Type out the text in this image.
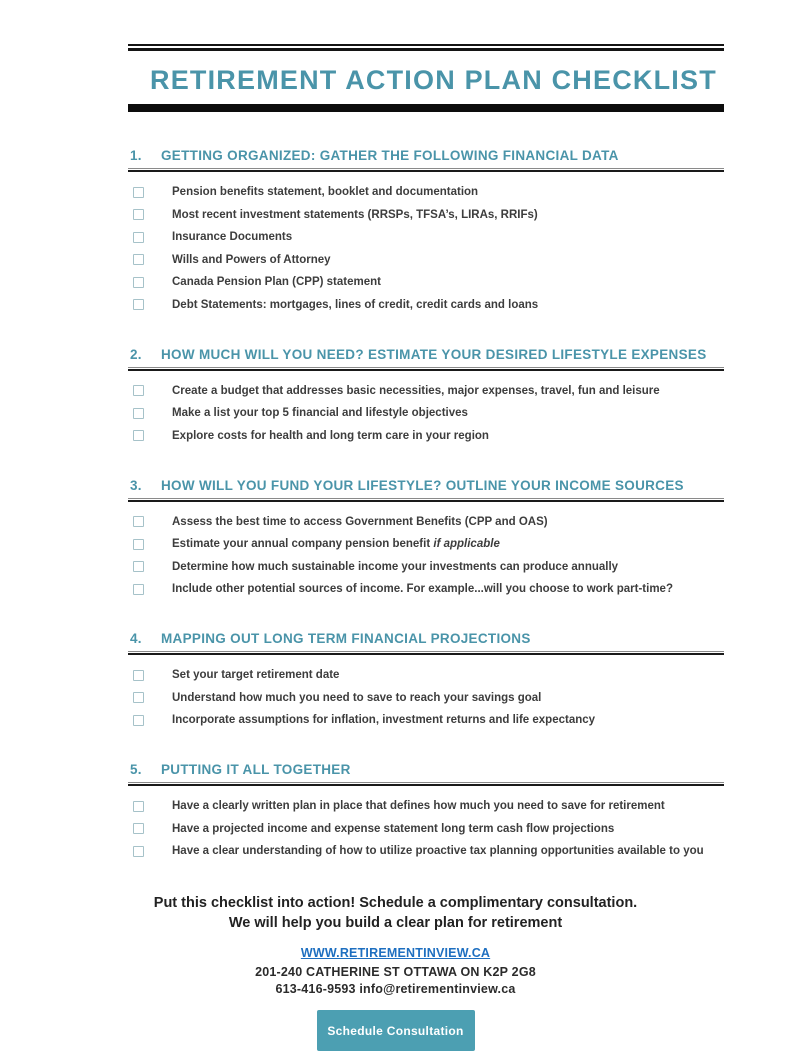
RETIREMENT ACTION PLAN CHECKLIST
1.	GETTING ORGANIZED: GATHER THE FOLLOWING FINANCIAL DATA
Pension benefits statement, booklet and documentation
Most recent investment statements (RRSPs, TFSA’s, LIRAs, RRIFs)
Insurance Documents
Wills and Powers of Attorney
Canada Pension Plan (CPP) statement
Debt Statements: mortgages, lines of credit, credit cards and loans
2.	HOW MUCH WILL YOU NEED? ESTIMATE YOUR DESIRED LIFESTYLE EXPENSES
Create a budget that addresses basic necessities, major expenses, travel, fun and leisure
Make a list your top 5 financial and lifestyle objectives
Explore costs for health and long term care in your region
3.	HOW WILL YOU FUND YOUR LIFESTYLE? OUTLINE YOUR INCOME SOURCES
Assess the best time to access Government Benefits (CPP and OAS)
Estimate your annual company pension benefit if applicable
Determine how much sustainable income your investments can produce annually
Include other potential sources of income. For example...will you choose to work part-time?
4.	MAPPING OUT LONG TERM FINANCIAL PROJECTIONS
Set your target retirement date
Understand how much you need to save to reach your savings goal
Incorporate assumptions for inflation, investment returns and life expectancy
5.	PUTTING IT ALL TOGETHER
Have a clearly written plan in place that defines how much you need to save for retirement
Have a projected income and expense statement long term cash flow projections
Have a clear understanding of how to utilize proactive tax planning opportunities available to you
Put this checklist into action! Schedule a complimentary consultation.
We will help you build a clear plan for retirement
WWW.RETIREMENTINVIEW.CA
201-240 CATHERINE ST OTTAWA ON K2P 2G8
613-416-9593 info@retirementinview.ca
Schedule Consultation
